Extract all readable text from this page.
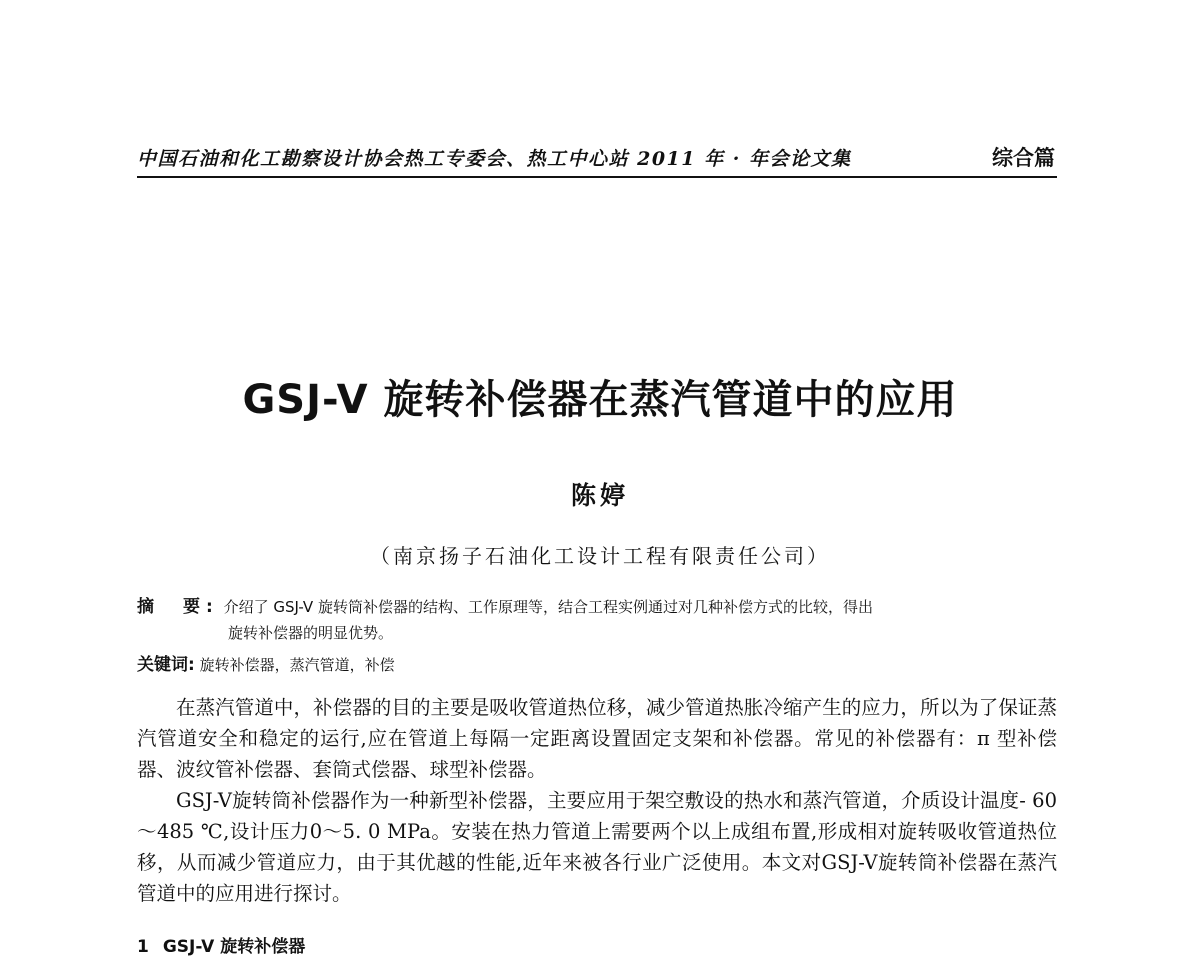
中国石油和化工勘察设计协会热工专委会、热工中心站 2011 年 · 年会论文集	综合篇
GSJ-V 旋转补偿器在蒸汽管道中的应用
陈婷
（南京扬子石油化工设计工程有限责任公司）
摘　要: 介绍了 GSJ-V 旋转筒补偿器的结构、工作原理等，结合工程实例通过对几种补偿方式的比较，得出
旋转补偿器的明显优势。
关键词: 旋转补偿器，蒸汽管道，补偿

在蒸汽管道中，补偿器的目的主要是吸收管道热位移，减少管道热胀冷缩产生的应力，所以为了保证蒸汽管道安全和稳定的运行,应在管道上每隔一定距离设置固定支架和补偿器。常见的补偿器有：π 型补偿器、波纹管补偿器、套筒式偿器、球型补偿器。

GSJ-V旋转筒补偿器作为一种新型补偿器，主要应用于架空敷设的热水和蒸汽管道，介质设计温度- 60～485 ℃,设计压力0～5. 0 MPa。安装在热力管道上需要两个以上成组布置,形成相对旋转吸收管道热位移，从而减少管道应力，由于其优越的性能,近年来被各行业广泛使用。本文对GSJ-V旋转筒补偿器在蒸汽管道中的应用进行探讨。

1 GSJ-V 旋转补偿器
